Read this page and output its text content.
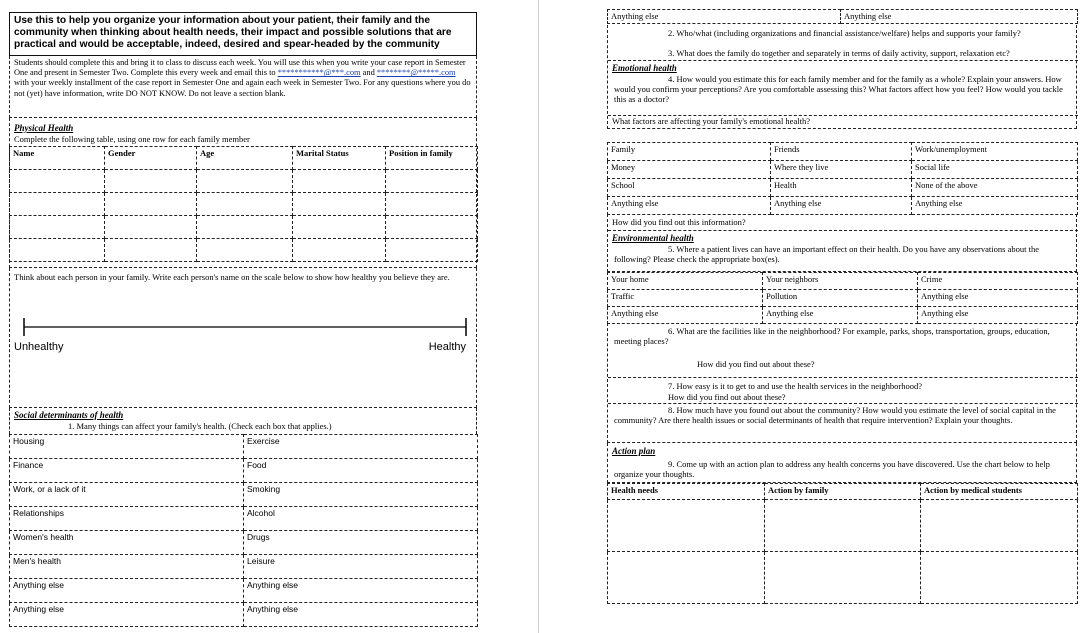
Use this to help you organize your information about your patient, their family and the community when thinking about health needs, their impact and possible solutions that are practical and would be acceptable, indeed, desired and spear-headed by the community
Students should complete this and bring it to class to discuss each week. You will use this when you write your case report in Semester One and present in Semester Two. Complete this every week and email this to ***********@***.com and ********@*****.com with your weekly installment of the case report in Semester One and again each week in Semester Two. For any questions where you do not (yet) have information, write DO NOT KNOW. Do not leave a section blank.
Physical Health
Complete the following table, using one row for each family member
Name	Gender	Age	Marital Status	Position in family

Think about each person in your family. Write each person's name on the scale below to show how healthy you believe they are.
Unhealthy	Healthy
Social determinants of health
1. Many things can affect your family's health. (Check each box that applies.)
Housing	Exercise
Finance	Food
Work, or a lack of it	Smoking
Relationships	Alcohol
Women's health	Drugs
Men's health	Leisure
Anything else	Anything else
Anything else	Anything else
Anything else	Anything else
2. Who/what (including organizations and financial assistance/welfare) helps and supports your family?
3. What does the family do together and separately in terms of daily activity, support, relaxation etc?
Emotional health
4. How would you estimate this for each family member and for the family as a whole? Explain your answers. How would you confirm your perceptions? Are you comfortable assessing this? What factors affect how you feel? How would you tackle this as a doctor?
What factors are affecting your family's emotional health?
Family	Friends	Work/unemployment
Money	Where they live	Social life
School	Health	None of the above
Anything else	Anything else	Anything else
How did you find out this information?
Environmental health
5. Where a patient lives can have an important effect on their health. Do you have any observations about the following? Please check the appropriate box(es).
Your home	Your neighbors	Crime
Traffic	Pollution	Anything else
Anything else	Anything else	Anything else
6. What are the facilities like in the neighborhood? For example, parks, shops, transportation, groups, education, meeting places?
How did you find out about these?
7. How easy is it to get to and use the health services in the neighborhood?
How did you find out about these?
8. How much have you found out about the community? How would you estimate the level of social capital in the community? Are there health issues or social determinants of health that require intervention? Explain your thoughts.
Action plan
9. Come up with an action plan to address any health concerns you have discovered. Use the chart below to help organize your thoughts.
Health needs	Action by family	Action by medical students
